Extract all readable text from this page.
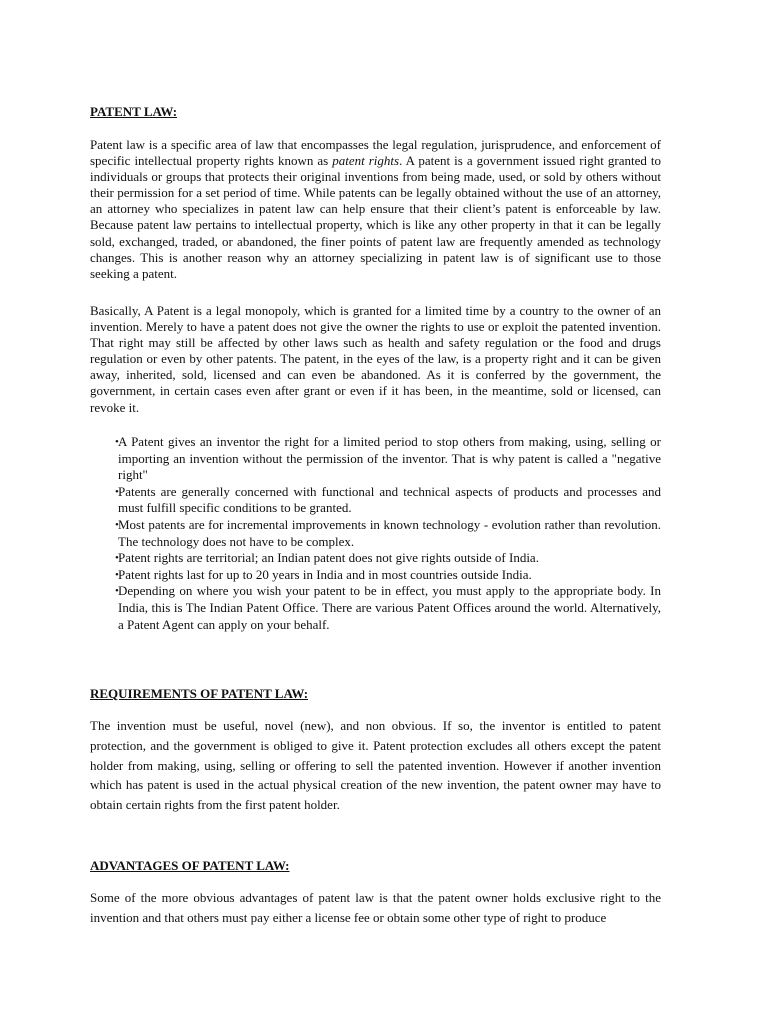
PATENT LAW:

Patent law is a specific area of law that encompasses the legal regulation, jurisprudence, and enforcement of specific intellectual property rights known as patent rights. A patent is a government issued right granted to individuals or groups that protects their original inventions from being made, used, or sold by others without their permission for a set period of time. While patents can be legally obtained without the use of an attorney, an attorney who specializes in patent law can help ensure that their client’s patent is enforceable by law. Because patent law pertains to intellectual property, which is like any other property in that it can be legally sold, exchanged, traded, or abandoned, the finer points of patent law are frequently amended as technology changes. This is another reason why an attorney specializing in patent law is of significant use to those seeking a patent.

Basically, A Patent is a legal monopoly, which is granted for a limited time by a country to the owner of an invention. Merely to have a patent does not give the owner the rights to use or exploit the patented invention. That right may still be affected by other laws such as health and safety regulation or the food and drugs regulation or even by other patents. The patent, in the eyes of the law, is a property right and it can be given away, inherited, sold, licensed and can even be abandoned. As it is conferred by the government, the government, in certain cases even after grant or even if it has been, in the meantime, sold or licensed, can revoke it.

• A Patent gives an inventor the right for a limited period to stop others from making, using, selling or importing an invention without the permission of the inventor. That is why patent is called a "negative right"
• Patents are generally concerned with functional and technical aspects of products and processes and must fulfill specific conditions to be granted.
• Most patents are for incremental improvements in known technology - evolution rather than revolution. The technology does not have to be complex.
• Patent rights are territorial; an Indian patent does not give rights outside of India.
• Patent rights last for up to 20 years in India and in most countries outside India.
• Depending on where you wish your patent to be in effect, you must apply to the appropriate body. In India, this is The Indian Patent Office. There are various Patent Offices around the world. Alternatively, a Patent Agent can apply on your behalf.
REQUIREMENTS OF PATENT LAW:

The invention must be useful, novel (new), and non obvious. If so, the inventor is entitled to patent protection, and the government is obliged to give it. Patent protection excludes all others except the patent holder from making, using, selling or offering to sell the patented invention. However if another invention which has patent is used in the actual physical creation of the new invention, the patent owner may have to obtain certain rights from the first patent holder.

ADVANTAGES OF PATENT LAW:

Some of the more obvious advantages of patent law is that the patent owner holds exclusive right to the invention and that others must pay either a license fee or obtain some other type of right to produce
